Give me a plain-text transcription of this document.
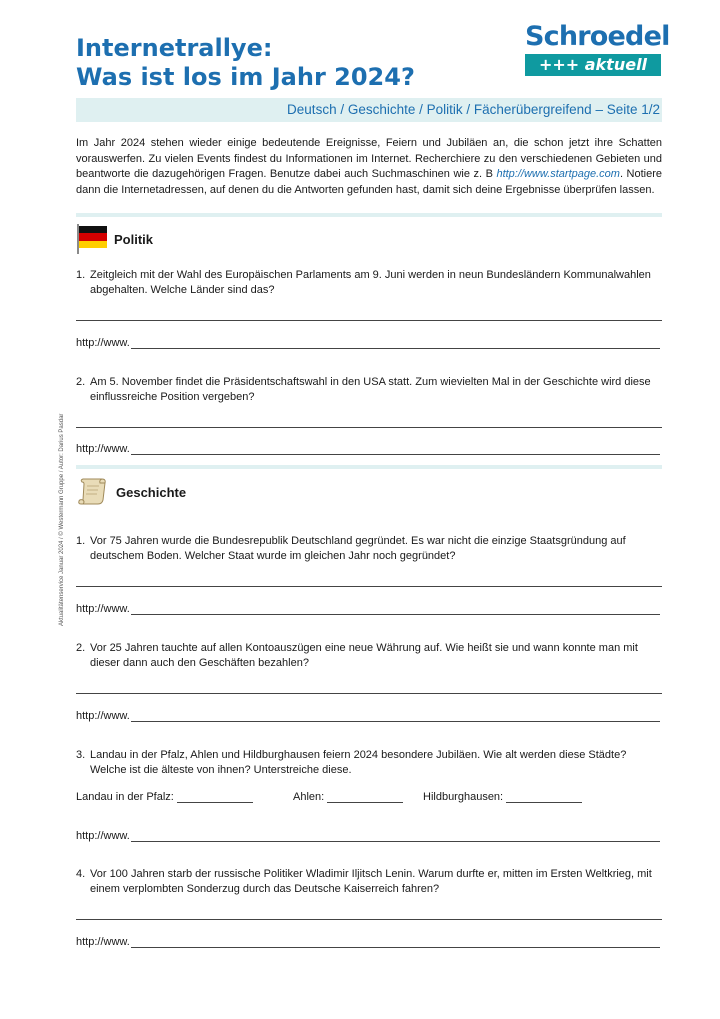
Internetrallye:
Was ist los im Jahr 2024?
Schroedel
+++ aktuell
Deutsch / Geschichte / Politik / Fächerübergreifend – Seite 1/2
Im Jahr 2024 stehen wieder einige bedeutende Ereignisse, Feiern und Jubiläen an, die schon jetzt ihre Schatten vorauswerfen. Zu vielen Events findest du Informationen im Internet. Recherchiere zu den verschiedenen Gebieten und beantworte die dazugehörigen Fragen. Benutze dabei auch Suchmaschinen wie z. B http://www.startpage.com. Notiere dann die Internetadressen, auf denen du die Antworten gefunden hast, damit sich deine Ergebnisse überprüfen lassen.
Politik
1. Zeitgleich mit der Wahl des Europäischen Parlaments am 9. Juni werden in neun Bundesländern Kommunalwahlen abgehalten. Welche Länder sind das?
http://www.
2. Am 5. November findet die Präsidentschaftswahl in den USA statt. Zum wievielten Mal in der Geschichte wird diese einflussreiche Position vergeben?
http://www.
Geschichte
1. Vor 75 Jahren wurde die Bundesrepublik Deutschland gegründet. Es war nicht die einzige Staatsgründung auf deutschem Boden. Welcher Staat wurde im gleichen Jahr noch gegründet?
http://www.
2. Vor 25 Jahren tauchte auf allen Kontoauszügen eine neue Währung auf. Wie heißt sie und wann konnte man mit dieser dann auch den Geschäften bezahlen?
http://www.
3. Landau in der Pfalz, Ahlen und Hildburghausen feiern 2024 besondere Jubiläen. Wie alt werden diese Städte? Welche ist die älteste von ihnen? Unterstreiche diese.
Landau in der Pfalz:	Ahlen:	Hildburghausen:
http://www.
4. Vor 100 Jahren starb der russische Politiker Wladimir Iljitsch Lenin. Warum durfte er, mitten im Ersten Weltkrieg, mit einem verplombten Sonderzug durch das Deutsche Kaiserreich fahren?
http://www.
Aktualitätenservice Januar 2024 / © Westermann Gruppe / Autor: Darius Pasdar
